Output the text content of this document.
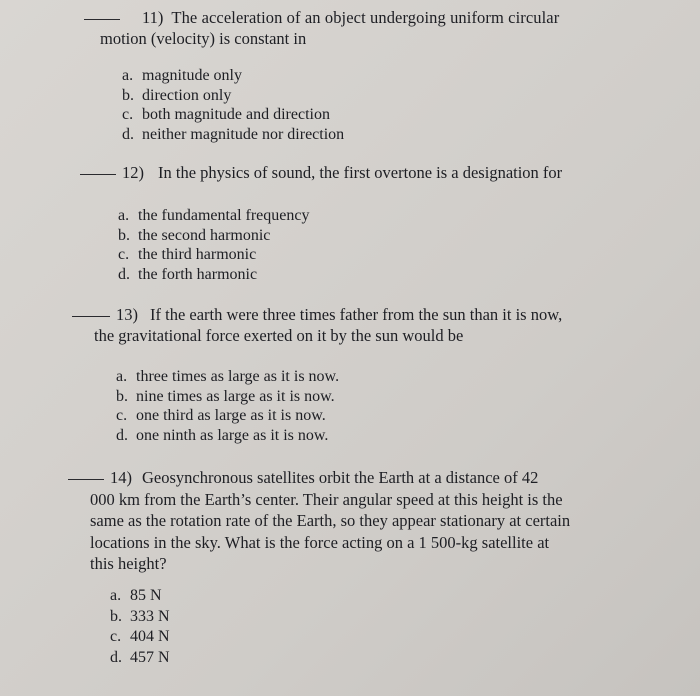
11) The acceleration of an object undergoing uniform circular
motion (velocity) is constant in
a. magnitude only
b. direction only
c. both magnitude and direction
d. neither magnitude nor direction
12) In the physics of sound, the first overtone is a designation for
a. the fundamental frequency
b. the second harmonic
c. the third harmonic
d. the forth harmonic
13) If the earth were three times father from the sun than it is now,
the gravitational force exerted on it by the sun would be
a. three times as large as it is now.
b. nine times as large as it is now.
c. one third as large as it is now.
d. one ninth as large as it is now.
14) Geosynchronous satellites orbit the Earth at a distance of 42
000 km from the Earth’s center. Their angular speed at this height is the
same as the rotation rate of the Earth, so they appear stationary at certain
locations in the sky. What is the force acting on a 1 500-kg satellite at
this height?
a. 85 N
b. 333 N
c. 404 N
d. 457 N
